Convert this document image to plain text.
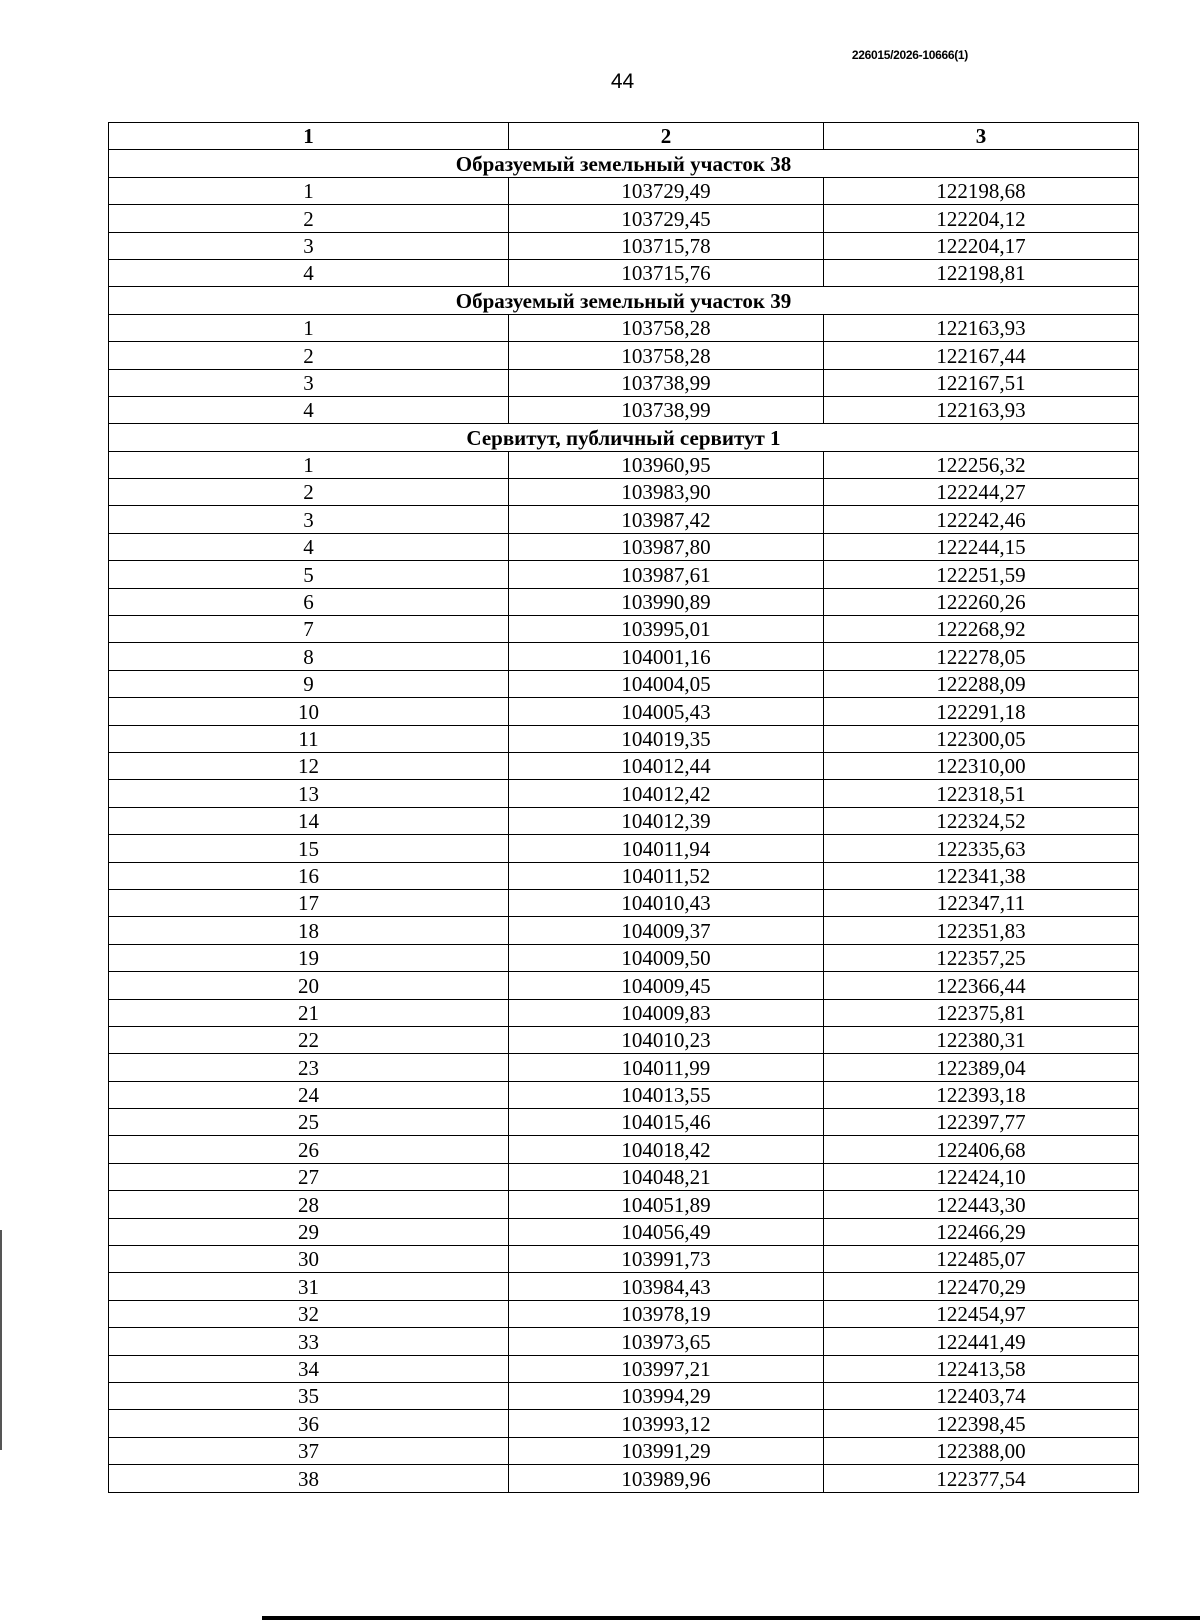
226015/2026-10666(1)
44
1	2	3
Образуемый земельный участок 38		
1	103729,49	122198,68
2	103729,45	122204,12
3	103715,78	122204,17
4	103715,76	122198,81
Образуемый земельный участок 39		
1	103758,28	122163,93
2	103758,28	122167,44
3	103738,99	122167,51
4	103738,99	122163,93
Сервитут, публичный сервитут 1		
1	103960,95	122256,32
2	103983,90	122244,27
3	103987,42	122242,46
4	103987,80	122244,15
5	103987,61	122251,59
6	103990,89	122260,26
7	103995,01	122268,92
8	104001,16	122278,05
9	104004,05	122288,09
10	104005,43	122291,18
11	104019,35	122300,05
12	104012,44	122310,00
13	104012,42	122318,51
14	104012,39	122324,52
15	104011,94	122335,63
16	104011,52	122341,38
17	104010,43	122347,11
18	104009,37	122351,83
19	104009,50	122357,25
20	104009,45	122366,44
21	104009,83	122375,81
22	104010,23	122380,31
23	104011,99	122389,04
24	104013,55	122393,18
25	104015,46	122397,77
26	104018,42	122406,68
27	104048,21	122424,10
28	104051,89	122443,30
29	104056,49	122466,29
30	103991,73	122485,07
31	103984,43	122470,29
32	103978,19	122454,97
33	103973,65	122441,49
34	103997,21	122413,58
35	103994,29	122403,74
36	103993,12	122398,45
37	103991,29	122388,00
38	103989,96	122377,54
